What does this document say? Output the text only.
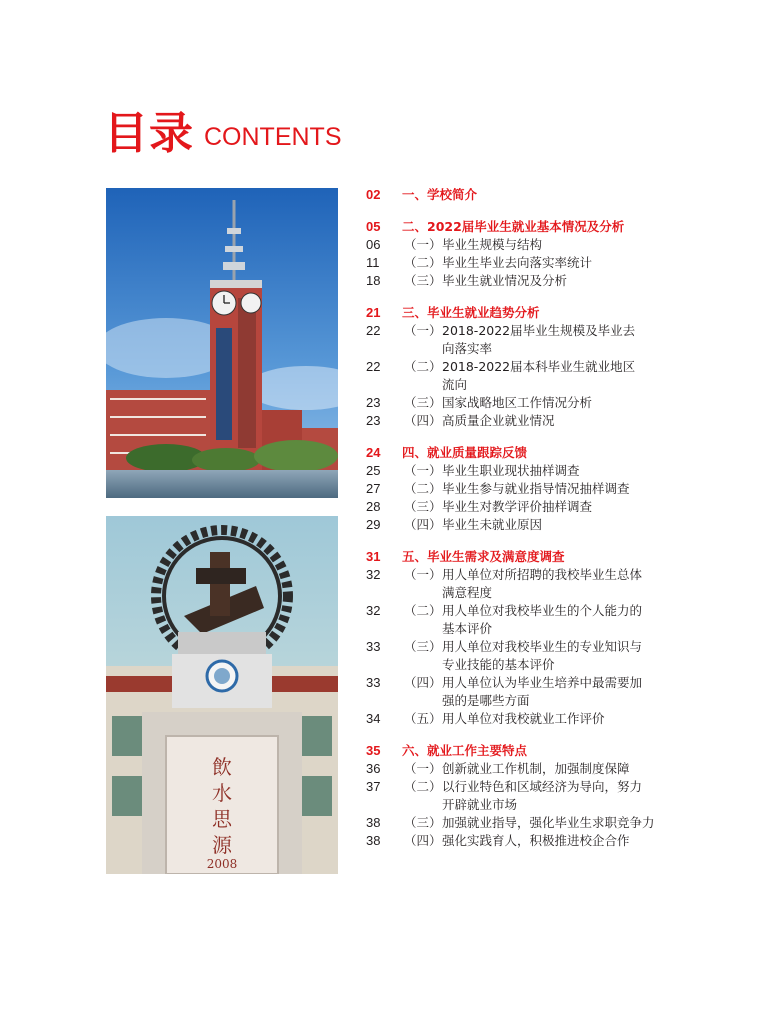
目录 CONTENTS
飲
水
思
源
2008
02	一、学校简介
05	二、2022届毕业生就业基本情况及分析
06	（一）毕业生规模与结构
11	（二）毕业生毕业去向落实率统计
18	（三）毕业生就业情况及分析
21	三、毕业生就业趋势分析
22	（一）2018-2022届毕业生规模及毕业去
向落实率
22	（二）2018-2022届本科毕业生就业地区
流向
23	（三）国家战略地区工作情况分析
23	（四）高质量企业就业情况
24	四、就业质量跟踪反馈
25	（一）毕业生职业现状抽样调查
27	（二）毕业生参与就业指导情况抽样调查
28	（三）毕业生对教学评价抽样调查
29	（四）毕业生未就业原因
31	五、毕业生需求及满意度调查
32	（一）用人单位对所招聘的我校毕业生总体
满意程度
32	（二）用人单位对我校毕业生的个人能力的
基本评价
33	（三）用人单位对我校毕业生的专业知识与
专业技能的基本评价
33	（四）用人单位认为毕业生培养中最需要加
强的是哪些方面
34	（五）用人单位对我校就业工作评价
35	六、就业工作主要特点
36	（一）创新就业工作机制，加强制度保障
37	（二）以行业特色和区域经济为导向，努力
开辟就业市场
38	（三）加强就业指导，强化毕业生求职竞争力
38	（四）强化实践育人，积极推进校企合作
